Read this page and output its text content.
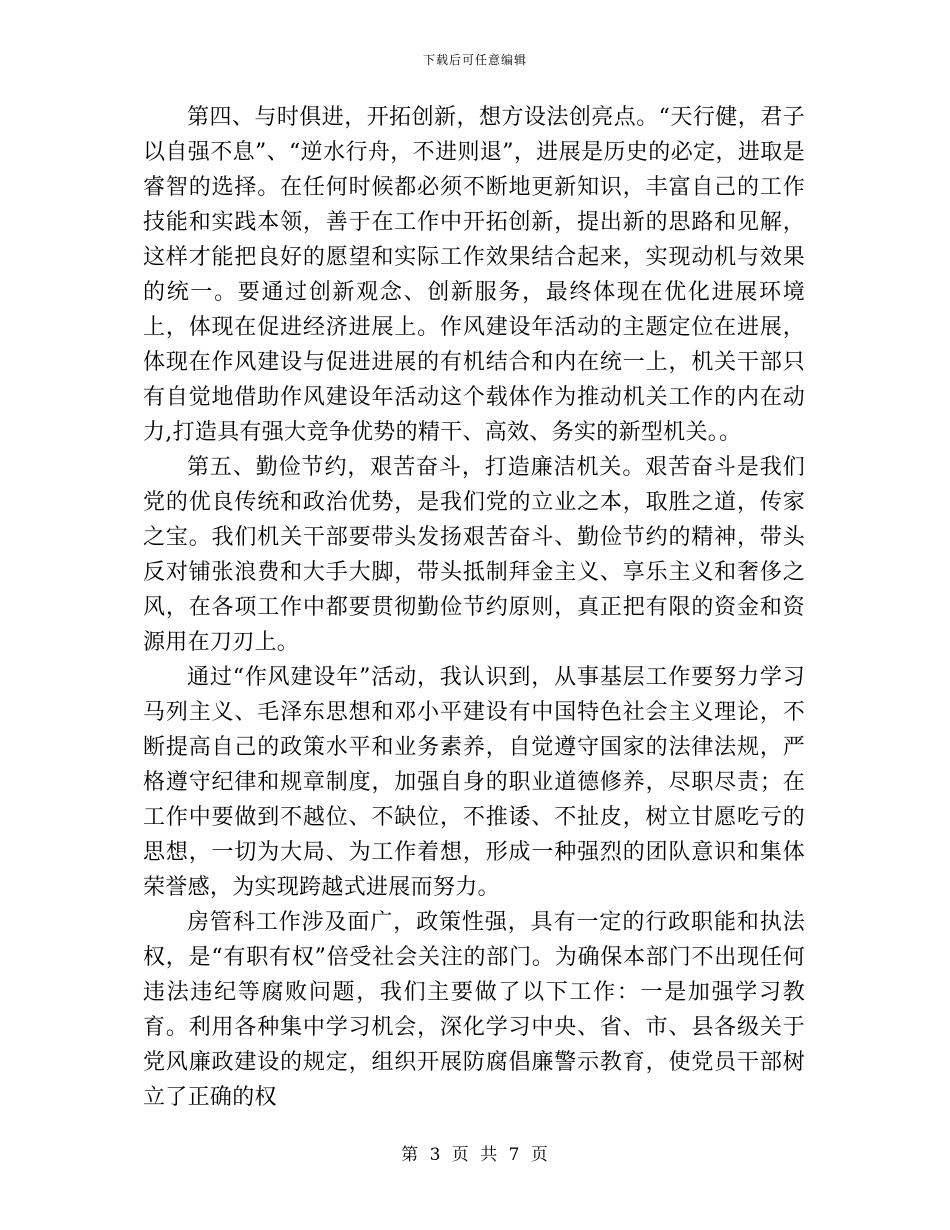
下载后可任意编辑

第四、与时俱进，开拓创新，想方设法创亮点。“天行健，君子以自强不息”、“逆水行舟，不进则退”，进展是历史的必定，进取是睿智的选择。在任何时候都必须不断地更新知识，丰富自己的工作技能和实践本领，善于在工作中开拓创新，提出新的思路和见解，这样才能把良好的愿望和实际工作效果结合起来，实现动机与效果的统一。要通过创新观念、创新服务，最终体现在优化进展环境上，体现在促进经济进展上。作风建设年活动的主题定位在进展，体现在作风建设与促进进展的有机结合和内在统一上，机关干部只有自觉地借助作风建设年活动这个载体作为推动机关工作的内在动力,打造具有强大竞争优势的精干、高效、务实的新型机关。。

第五、勤俭节约，艰苦奋斗，打造廉洁机关。艰苦奋斗是我们党的优良传统和政治优势，是我们党的立业之本，取胜之道，传家之宝。我们机关干部要带头发扬艰苦奋斗、勤俭节约的精神，带头反对铺张浪费和大手大脚，带头抵制拜金主义、享乐主义和奢侈之风，在各项工作中都要贯彻勤俭节约原则，真正把有限的资金和资源用在刀刃上。

通过“作风建设年”活动，我认识到，从事基层工作要努力学习马列主义、毛泽东思想和邓小平建设有中国特色社会主义理论，不断提高自己的政策水平和业务素养，自觉遵守国家的法律法规，严格遵守纪律和规章制度，加强自身的职业道德修养，尽职尽责；在工作中要做到不越位、不缺位，不推诿、不扯皮，树立甘愿吃亏的思想，一切为大局、为工作着想，形成一种强烈的团队意识和集体荣誉感，为实现跨越式进展而努力。

房管科工作涉及面广，政策性强，具有一定的行政职能和执法权，是“有职有权”倍受社会关注的部门。为确保本部门不出现任何违法违纪等腐败问题，我们主要做了以下工作：一是加强学习教育。利用各种集中学习机会，深化学习中央、省、市、县各级关于党风廉政建设的规定，组织开展防腐倡廉警示教育，使党员干部树立了正确的权

第 3 页 共 7 页
